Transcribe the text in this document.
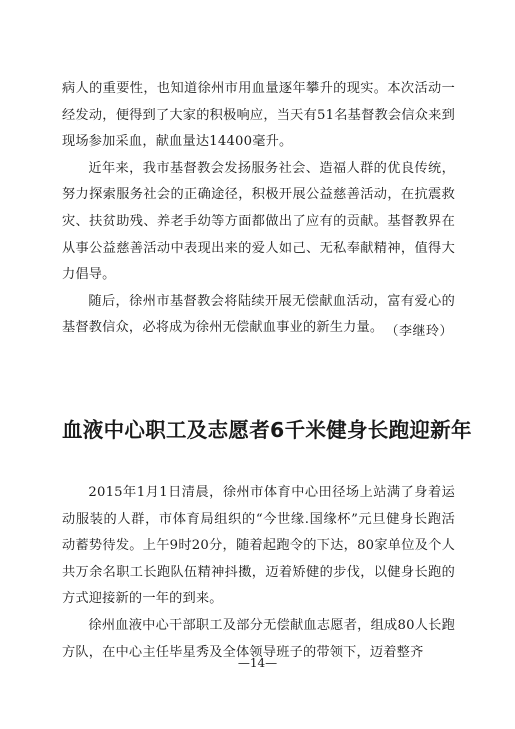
病人的重要性，也知道徐州市用血量逐年攀升的现实。本次活动一经发动，便得到了大家的积极响应，当天有51名基督教会信众来到现场参加采血，献血量达14400毫升。

近年来，我市基督教会发扬服务社会、造福人群的优良传统，努力探索服务社会的正确途径，积极开展公益慈善活动，在抗震救灾、扶贫助残、养老手幼等方面都做出了应有的贡献。基督教界在从事公益慈善活动中表现出来的爱人如己、无私奉献精神，值得大力倡导。

随后，徐州市基督教会将陆续开展无偿献血活动，富有爱心的基督教信众，必将成为徐州无偿献血事业的新生力量。 （李继玲）
血液中心职工及志愿者6千米健身长跑迎新年

2015年1月1日清晨，徐州市体育中心田径场上站满了身着运动服装的人群，市体育局组织的“今世缘.国缘杯”元旦健身长跑活动蓄势待发。上午9时20分，随着起跑令的下达，80家单位及个人共万余名职工长跑队伍精神抖擞，迈着矫健的步伐，以健身长跑的方式迎接新的一年的到来。

徐州血液中心干部职工及部分无偿献血志愿者，组成80人长跑方队，在中心主任毕星秀及全体领导班子的带领下，迈着整齐

—14—
